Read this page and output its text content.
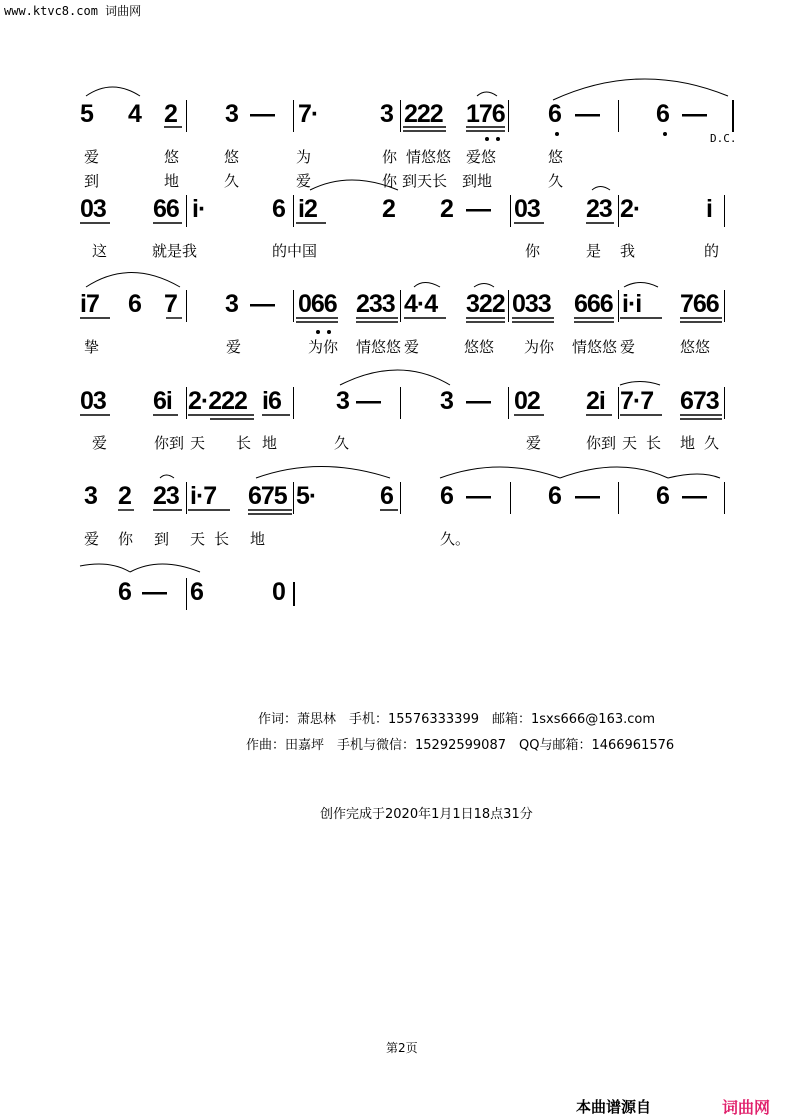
www.ktvc8.com 词曲网
5 4 2 3 — 7· 3 222 176 6 — 6 —
D.C.
爱	悠	悠	为	你 情悠悠 爱悠	悠
到	地	久	爱	你 到天长 到地	久
03 66 i·	6 i2	2 2 — 03 23 2·	i
这	就是我	的中国	你	是 我	的
i7 6 7 3 — 066 233 4·4 322 033 666 i·i 766
挚	爱	为你 情悠悠 爱	悠悠 为你 情悠悠 爱	悠悠
03 6i 2·222 i6 3 — 3 — 02 2i 7·7 673
爱	你到 天 长 地	久	爱	你到 天 长 地 久
3 2 23 i·7 675 5·	6 6 — 6 — 6 —
爱 你 到 天 长 地	久。
6 — 6	0
作词：萧思林　手机：15576333399　邮箱：1sxs666@163.com
作曲：田嘉坪　手机与微信：15292599087　QQ与邮箱：1466961576
创作完成于2020年1月1日18点31分
第2页
本曲谱源自	词曲网
